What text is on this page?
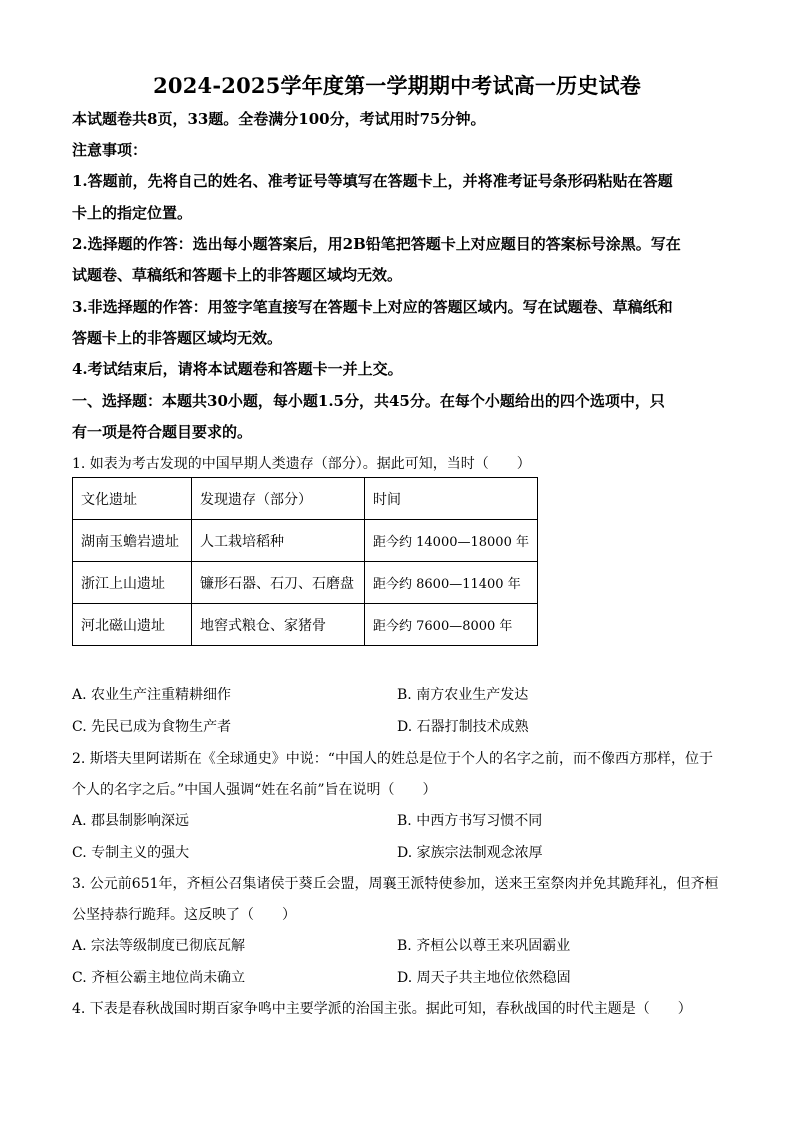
2024-2025学年度第一学期期中考试高一历史试卷
本试题卷共8页，33题。全卷满分100分，考试用时75分钟。
注意事项：
1.答题前，先将自己的姓名、准考证号等填写在答题卡上，并将准考证号条形码粘贴在答题
卡上的指定位置。
2.选择题的作答：选出每小题答案后，用2B铅笔把答题卡上对应题目的答案标号涂黑。写在
试题卷、草稿纸和答题卡上的非答题区域均无效。
3.非选择题的作答：用签字笔直接写在答题卡上对应的答题区域内。写在试题卷、草稿纸和
答题卡上的非答题区域均无效。
4.考试结束后，请将本试题卷和答题卡一并上交。
一、选择题：本题共30小题，每小题1.5分，共45分。在每个小题给出的四个选项中，只
有一项是符合题目要求的。
1. 如表为考古发现的中国早期人类遗存（部分）。据此可知，当时（　　）
文化遗址	发现遗存（部分）	时间
湖南玉蟾岩遗址	人工栽培稻种	距今约 14000—18000 年
浙江上山遗址	镰形石器、石刀、石磨盘	距今约 8600—11400 年
河北磁山遗址	地窖式粮仓、家猪骨	距今约 7600—8000 年
A. 农业生产注重精耕细作	B. 南方农业生产发达
C. 先民已成为食物生产者	D. 石器打制技术成熟
2. 斯塔夫里阿诺斯在《全球通史》中说：“中国人的姓总是位于个人的名字之前，而不像西方那样，位于
个人的名字之后。”中国人强调“姓在名前”旨在说明（　　）
A. 郡县制影响深远	B. 中西方书写习惯不同
C. 专制主义的强大	D. 家族宗法制观念浓厚
3. 公元前651年，齐桓公召集诸侯于葵丘会盟，周襄王派特使参加，送来王室祭肉并免其跪拜礼，但齐桓
公坚持恭行跪拜。这反映了（　　）
A. 宗法等级制度已彻底瓦解	B. 齐桓公以尊王来巩固霸业
C. 齐桓公霸主地位尚未确立	D. 周天子共主地位依然稳固
4. 下表是春秋战国时期百家争鸣中主要学派的治国主张。据此可知，春秋战国的时代主题是（　　）
